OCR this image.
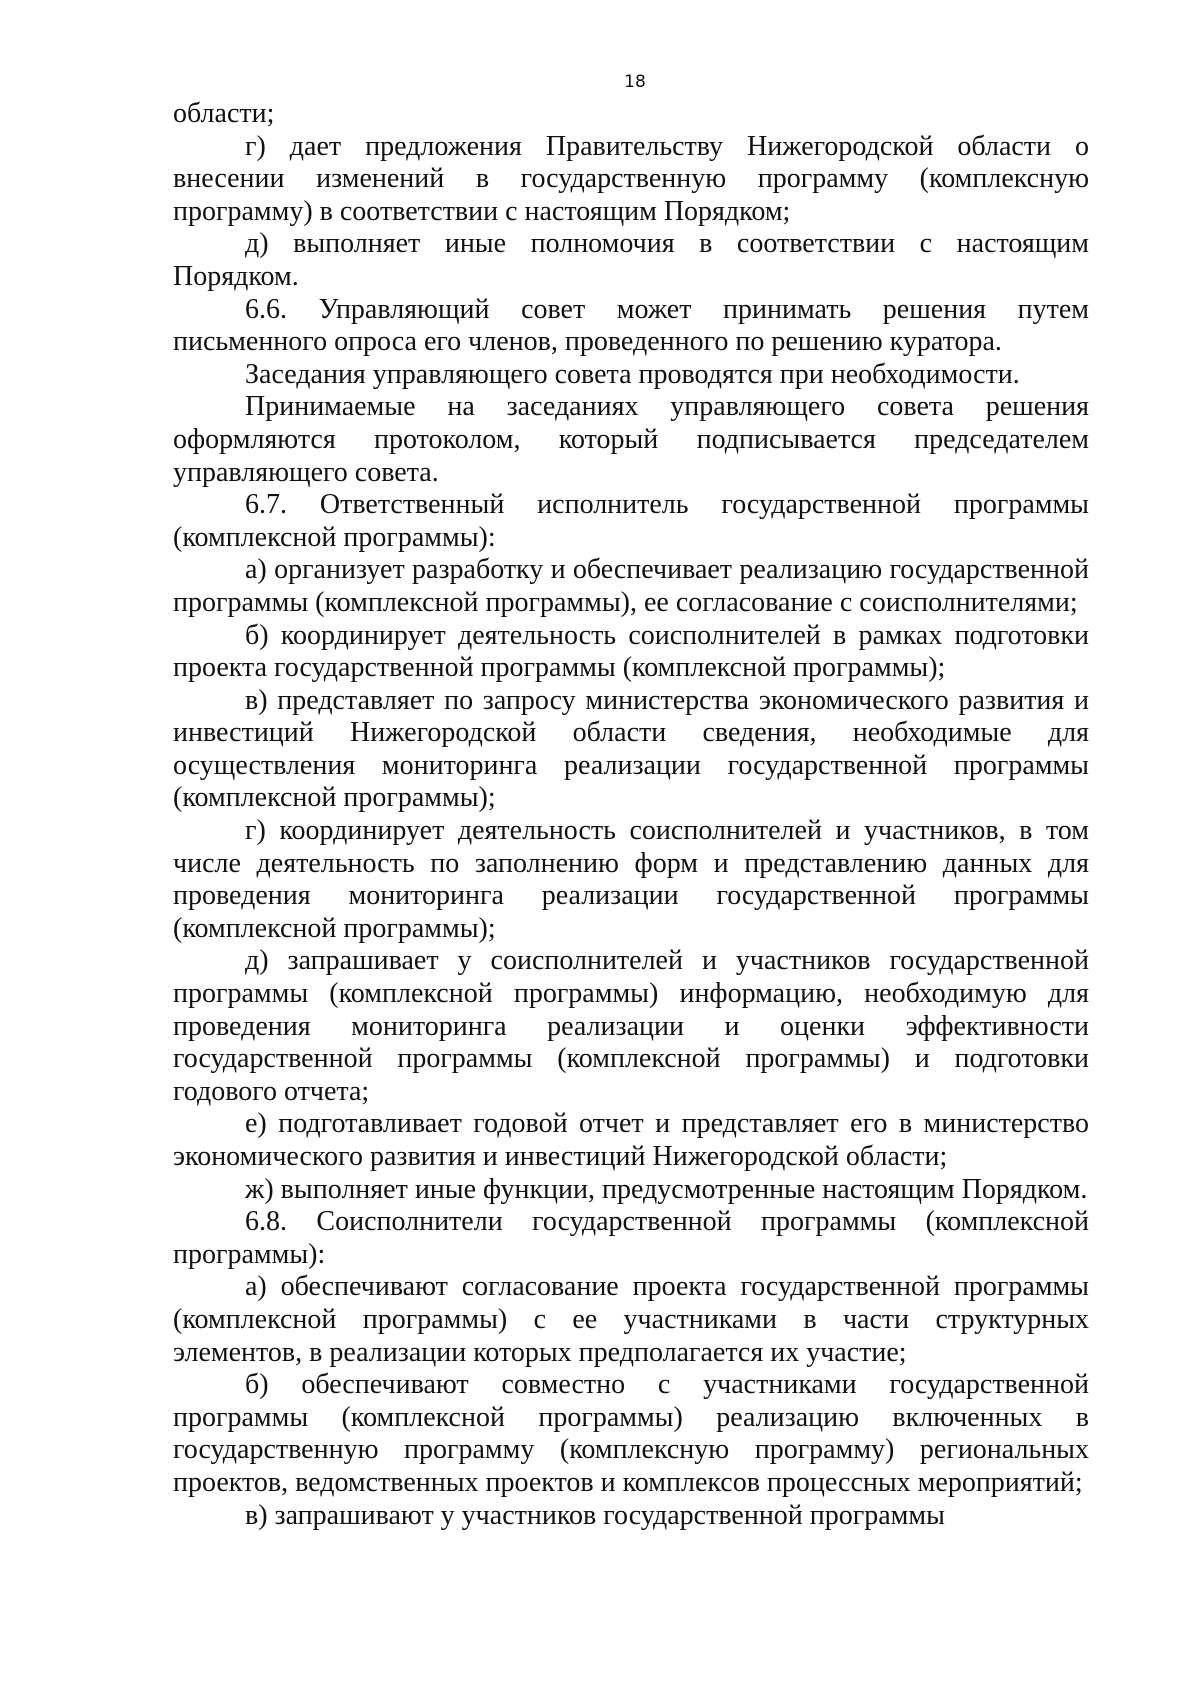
18

области;

г) дает предложения Правительству Нижегородской области о внесении изменений в государственную программу (комплексную программу) в соответствии с настоящим Порядком;

д) выполняет иные полномочия в соответствии с настоящим Порядком.

6.6. Управляющий совет может принимать решения путем письменного опроса его членов, проведенного по решению куратора.

Заседания управляющего совета проводятся при необходимости.

Принимаемые на заседаниях управляющего совета решения оформляются протоколом, который подписывается председателем управляющего совета.

6.7. Ответственный исполнитель государственной программы (комплексной программы):

а) организует разработку и обеспечивает реализацию государственной программы (комплексной программы), ее согласование с соисполнителями;

б) координирует деятельность соисполнителей в рамках подготовки проекта государственной программы (комплексной программы);

в) представляет по запросу министерства экономического развития и инвестиций Нижегородской области сведения, необходимые для осуществления мониторинга реализации государственной программы (комплексной программы);

г) координирует деятельность соисполнителей и участников, в том числе деятельность по заполнению форм и представлению данных для проведения мониторинга реализации государственной программы (комплексной программы);

д) запрашивает у соисполнителей и участников государственной программы (комплексной программы) информацию, необходимую для проведения мониторинга реализации и оценки эффективности государственной программы (комплексной программы) и подготовки годового отчета;

е) подготавливает годовой отчет и представляет его в министерство экономического развития и инвестиций Нижегородской области;

ж) выполняет иные функции, предусмотренные настоящим Порядком.

6.8. Соисполнители государственной программы (комплексной программы):

а) обеспечивают согласование проекта государственной программы (комплексной программы) с ее участниками в части структурных элементов, в реализации которых предполагается их участие;

б) обеспечивают совместно с участниками государственной программы (комплексной программы) реализацию включенных в государственную программу (комплексную программу) региональных проектов, ведомственных проектов и комплексов процессных мероприятий;

в) запрашивают у участников государственной программы
